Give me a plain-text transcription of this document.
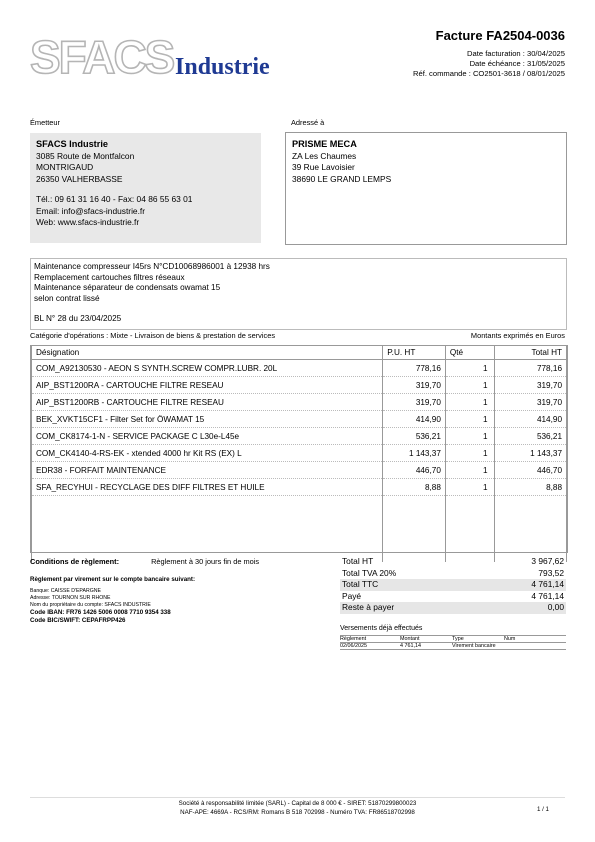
SFACS Industrie
Facture FA2504-0036
Date facturation : 30/04/2025
Date échéance : 31/05/2025
Réf. commande : CO2501-3618 / 08/01/2025
Émetteur
SFACS Industrie
3085 Route de Montfalcon
MONTRIGAUD
26350 VALHERBASSE
Tél.: 09 61 31 16 40 - Fax: 04 86 55 63 01
Email: info@sfacs-industrie.fr
Web: www.sfacs-industrie.fr
Adressé à
PRISME MECA
ZA Les Chaumes
39 Rue Lavoisier
38690 LE GRAND LEMPS
Maintenance compresseur I45rs N°CD10068986001 à 12938 hrs
Remplacement cartouches filtres réseaux
Maintenance séparateur de condensats owamat 15
selon contrat lissé
BL N° 28 du 23/04/2025
Catégorie d'opérations : Mixte - Livraison de biens & prestation de services	Montants exprimés en Euros
Désignation	P.U. HT	Qté	Total HT
COM_A92130530 - AEON S SYNTH.SCREW COMPR.LUBR. 20L	778,16	1	778,16
AIP_BST1200RA - CARTOUCHE FILTRE RESEAU	319,70	1	319,70
AIP_BST1200RB - CARTOUCHE FILTRE RESEAU	319,70	1	319,70
BEK_XVKT15CF1 - Filter Set for ÖWAMAT 15	414,90	1	414,90
COM_CK8174-1-N - SERVICE PACKAGE C L30e-L45e	536,21	1	536,21
COM_CK4140-4-RS-EK - xtended 4000 hr Kit RS (EX) L	1 143,37	1	1 143,37
EDR38 - FORFAIT MAINTENANCE	446,70	1	446,70
SFA_RECYHUI - RECYCLAGE DES DIFF FILTRES ET HUILE	8,88	1	8,88

Conditions de règlement:	Règlement à 30 jours fin de mois
Règlement par virement sur le compte bancaire suivant:
Banque: CAISSE D'EPARGNE
Adresse: TOURNON SUR RHONE
Nom du propriétaire du compte: SFACS INDUSTRIE
Code IBAN: FR76 1426 5006 0008 7710 9354 338
Code BIC/SWIFT: CEPAFRPP426
Total HT	3 967,62
Total TVA 20%	793,52
Total TTC	4 761,14
Payé	4 761,14
Reste à payer	0,00
Versements déjà effectués
Règlement	Montant	Type	Num
02/06/2025	4 761,14	Virement bancaire
Société à responsabilité limitée (SARL) - Capital de 8 000 € - SIRET: 51870299800023
NAF-APE: 4669A - RCS/RM: Romans B 518 702998 - Numéro TVA: FR86518702998	1 / 1
